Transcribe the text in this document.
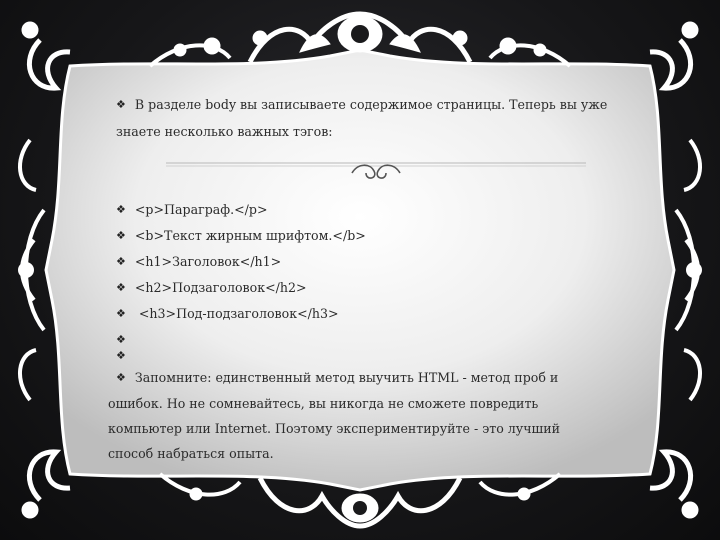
❖ В разделе body вы записываете содержимое страницы. Теперь вы уже знаете несколько важных тэгов:
❖ <p>Параграф.</p>
❖ <b>Текст жирным шрифтом.</b>
❖ <h1>Заголовок</h1>
❖ <h2>Подзаголовок</h2>
❖ <h3>Под-подзаголовок</h3>
❖
❖
❖ Запомните: единственный метод выучить HTML - метод проб и ошибок. Но не сомневайтесь, вы никогда не сможете повредить компьютер или Internet. Поэтому экспериментируйте - это лучший способ набраться опыта.
